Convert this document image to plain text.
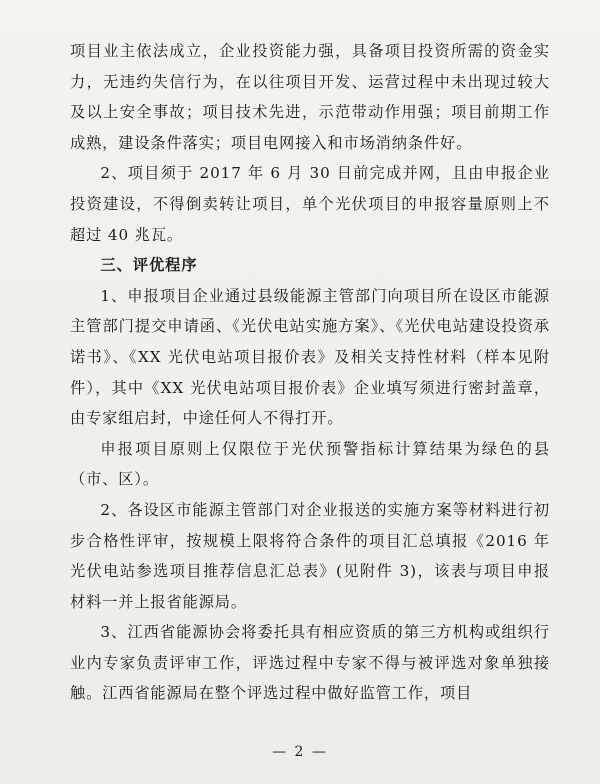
项目业主依法成立，企业投资能力强，具备项目投资所需的资金实力，无违约失信行为，在以往项目开发、运营过程中未出现过较大及以上安全事故；项目技术先进，示范带动作用强；项目前期工作成熟，建设条件落实；项目电网接入和市场消纳条件好。

2、项目须于 2017 年 6 月 30 日前完成并网，且由申报企业投资建设，不得倒卖转让项目，单个光伏项目的申报容量原则上不超过 40 兆瓦。

三、评优程序

1、申报项目企业通过县级能源主管部门向项目所在设区市能源主管部门提交申请函、《光伏电站实施方案》、《光伏电站建设投资承诺书》、《XX 光伏电站项目报价表》及相关支持性材料（样本见附件），其中《XX 光伏电站项目报价表》企业填写须进行密封盖章，由专家组启封，中途任何人不得打开。

申报项目原则上仅限位于光伏预警指标计算结果为绿色的县（市、区）。

2、各设区市能源主管部门对企业报送的实施方案等材料进行初步合格性评审，按规模上限将符合条件的项目汇总填报《2016 年光伏电站参选项目推荐信息汇总表》(见附件 3)，该表与项目申报材料一并上报省能源局。

3、江西省能源协会将委托具有相应资质的第三方机构或组织行业内专家负责评审工作，评选过程中专家不得与被评选对象单独接触。江西省能源局在整个评选过程中做好监管工作，项目

— 2 —
